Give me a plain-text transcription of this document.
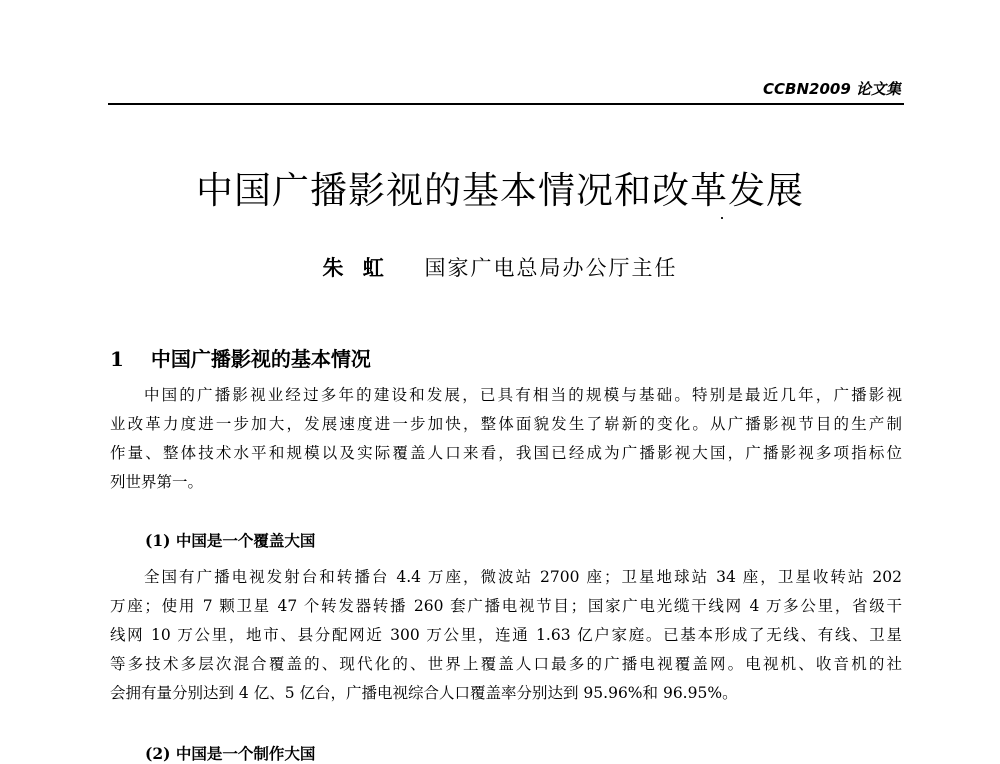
CCBN2009 论文集
中国广播影视的基本情况和改革发展
朱 虹 国家广电总局办公厅主任
1 中国广播影视的基本情况
中国的广播影视业经过多年的建设和发展，已具有相当的规模与基础。特别是最近几年，广播影视
业改革力度进一步加大，发展速度进一步加快，整体面貌发生了崭新的变化。从广播影视节目的生产制
作量、整体技术水平和规模以及实际覆盖人口来看，我国已经成为广播影视大国，广播影视多项指标位
列世界第一。
(1) 中国是一个覆盖大国
全国有广播电视发射台和转播台 4.4 万座，微波站 2700 座；卫星地球站 34 座，卫星收转站 202
万座；使用 7 颗卫星 47 个转发器转播 260 套广播电视节目；国家广电光缆干线网 4 万多公里，省级干
线网 10 万公里，地市、县分配网近 300 万公里，连通 1.63 亿户家庭。已基本形成了无线、有线、卫星
等多技术多层次混合覆盖的、现代化的、世界上覆盖人口最多的广播电视覆盖网。电视机、收音机的社
会拥有量分别达到 4 亿、5 亿台，广播电视综合人口覆盖率分别达到 95.96%和 96.95%。
(2) 中国是一个制作大国
